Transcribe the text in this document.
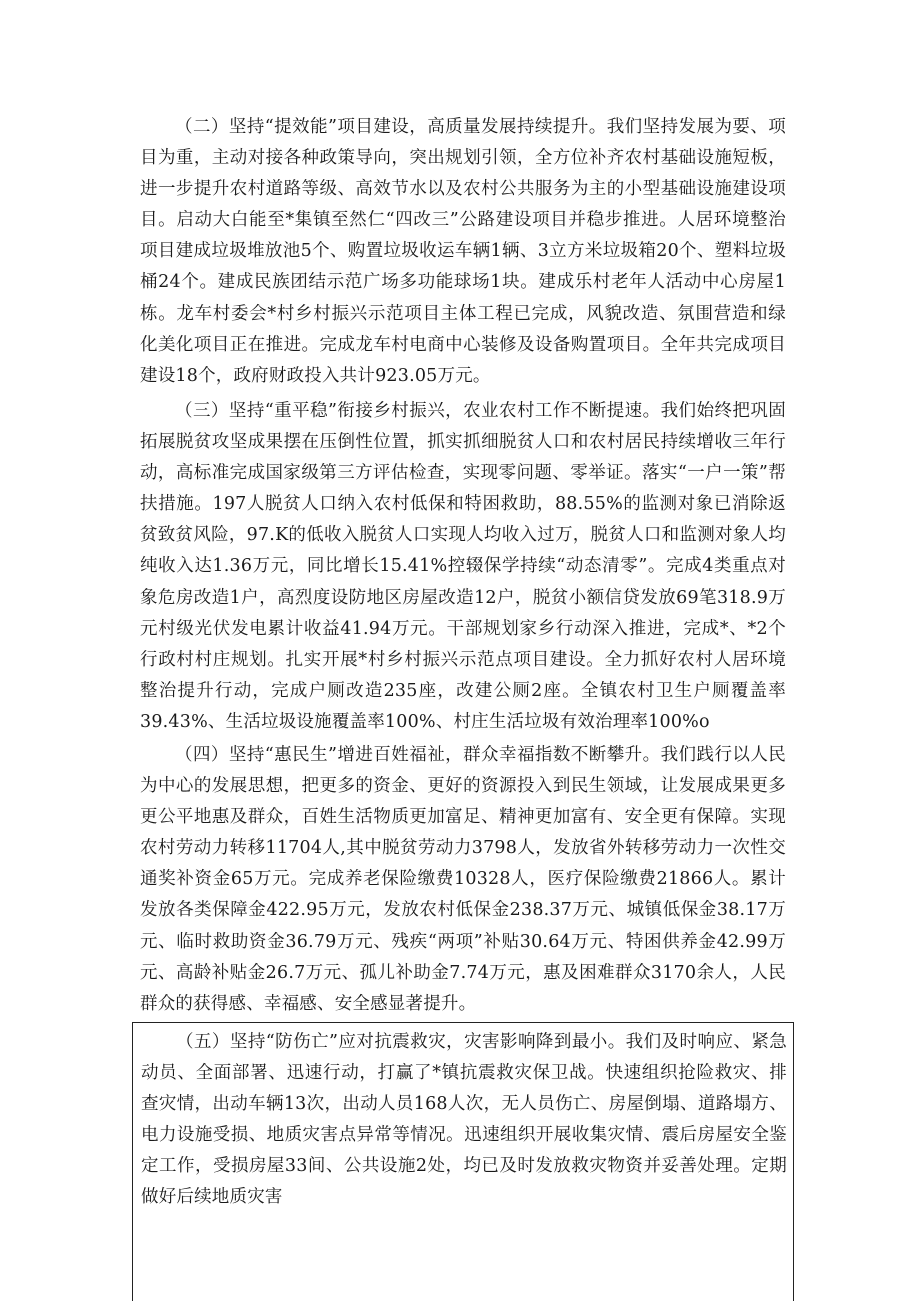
（二）坚持“提效能”项目建设，高质量发展持续提升。我们坚持发展为要、项目为重，主动对接各种政策导向，突出规划引领，全方位补齐农村基础设施短板，进一步提升农村道路等级、高效节水以及农村公共服务为主的小型基础设施建设项目。启动大白能至*集镇至然仁“四改三”公路建设项目并稳步推进。人居环境整治项目建成垃圾堆放池5个、购置垃圾收运车辆1辆、3立方米垃圾箱20个、塑料垃圾桶24个。建成民族团结示范广场多功能球场1块。建成乐村老年人活动中心房屋1栋。龙车村委会*村乡村振兴示范项目主体工程已完成，风貌改造、氛围营造和绿化美化项目正在推进。完成龙车村电商中心装修及设备购置项目。全年共完成项目建设18个，政府财政投入共计923.05万元。

（三）坚持“重平稳”衔接乡村振兴，农业农村工作不断提速。我们始终把巩固拓展脱贫攻坚成果摆在压倒性位置，抓实抓细脱贫人口和农村居民持续增收三年行动，高标准完成国家级第三方评估检查，实现零问题、零举证。落实“一户一策”帮扶措施。197人脱贫人口纳入农村低保和特困救助，88.55%的监测对象已消除返贫致贫风险，97.K的低收入脱贫人口实现人均收入过万，脱贫人口和监测对象人均纯收入达1.36万元，同比增长15.41%控辍保学持续“动态清零”。完成4类重点对象危房改造1户，高烈度设防地区房屋改造12户，脱贫小额信贷发放69笔318.9万元村级光伏发电累计收益41.94万元。干部规划家乡行动深入推进，完成*、*2个行政村村庄规划。扎实开展*村乡村振兴示范点项目建设。全力抓好农村人居环境整治提升行动，完成户厕改造235座，改建公厕2座。全镇农村卫生户厕覆盖率39.43%、生活垃圾设施覆盖率100%、村庄生活垃圾有效治理率100%o

（四）坚持“惠民生”增进百姓福祉，群众幸福指数不断攀升。我们践行以人民为中心的发展思想，把更多的资金、更好的资源投入到民生领域，让发展成果更多更公平地惠及群众，百姓生活物质更加富足、精神更加富有、安全更有保障。实现农村劳动力转移11704人,其中脱贫劳动力3798人，发放省外转移劳动力一次性交通奖补资金65万元。完成养老保险缴费10328人，医疗保险缴费21866人。累计发放各类保障金422.95万元，发放农村低保金238.37万元、城镇低保金38.17万元、临时救助资金36.79万元、残疾“两项”补贴30.64万元、特困供养金42.99万元、高龄补贴金26.7万元、孤儿补助金7.74万元，惠及困难群众3170余人，人民群众的获得感、幸福感、安全感显著提升。

（五）坚持“防伤亡”应对抗震救灾，灾害影响降到最小。我们及时响应、紧急动员、全面部署、迅速行动，打赢了*镇抗震救灾保卫战。快速组织抢险救灾、排查灾情，出动车辆13次，出动人员168人次，无人员伤亡、房屋倒塌、道路塌方、电力设施受损、地质灾害点异常等情况。迅速组织开展收集灾情、震后房屋安全鉴定工作，受损房屋33间、公共设施2处，均已及时发放救灾物资并妥善处理。定期做好后续地质灾害
